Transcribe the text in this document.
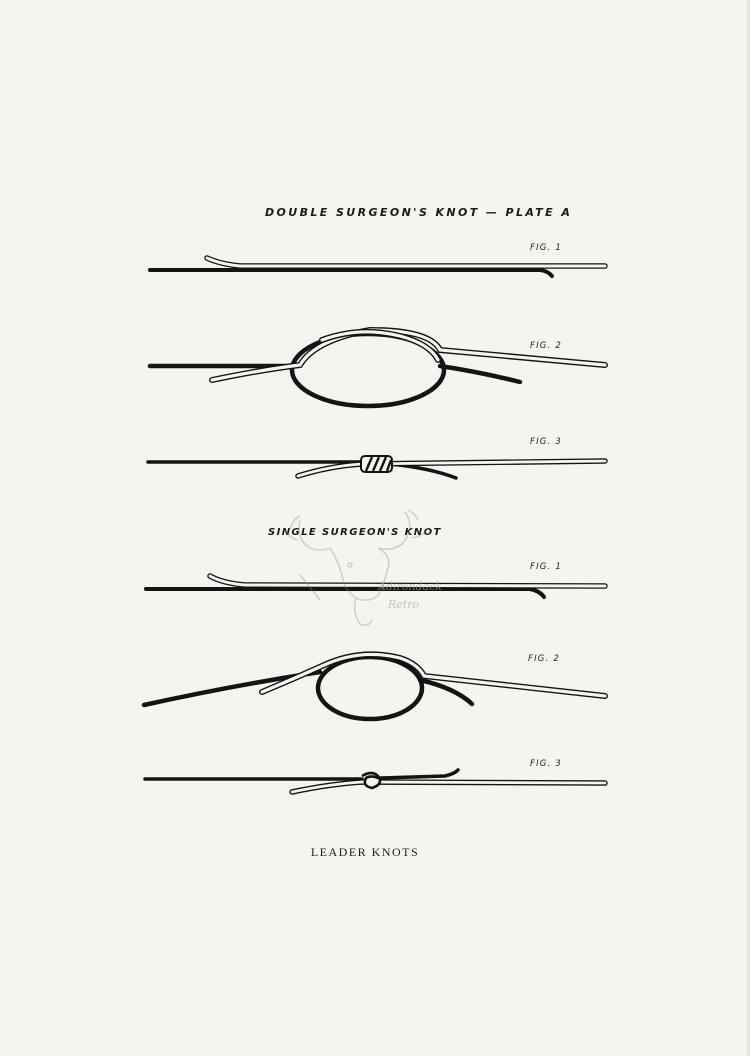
DOUBLE SURGEON'S KNOT — PLATE A
SINGLE SURGEON'S KNOT
FIG. 1
FIG. 2
FIG. 3
FIG. 1
FIG. 2
FIG. 3
Adirondack
Retro
LEADER KNOTS
